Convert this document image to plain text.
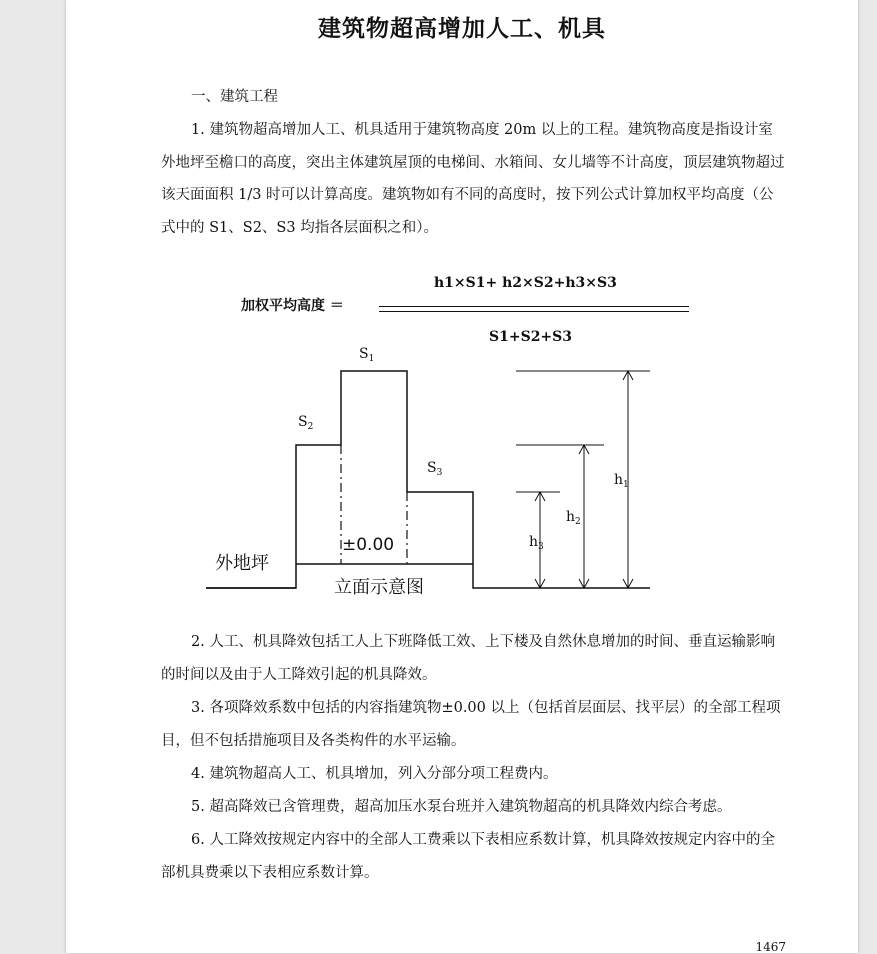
建筑物超高增加人工、机具
一、建筑工程
1. 建筑物超高增加人工、机具适用于建筑物高度 20m 以上的工程。建筑物高度是指设计室外地坪至檐口的高度，突出主体建筑屋顶的电梯间、水箱间、女儿墙等不计高度，顶层建筑物超过该天面面积 1/3 时可以计算高度。建筑物如有不同的高度时，按下列公式计算加权平均高度（公式中的 S1、S2、S3 均指各层面积之和）。
加权平均高度 ＝
h1×S1+ h2×S2+h3×S3
S1+S2+S3
$S_1$
$S_2$
$S_3$	$h_1$
$h_2$
$h_3$
±0.00
外地坪
立面示意图
2. 人工、机具降效包括工人上下班降低工效、上下楼及自然休息增加的时间、垂直运输影响的时间以及由于人工降效引起的机具降效。
3. 各项降效系数中包括的内容指建筑物±0.00 以上（包括首层面层、找平层）的全部工程项目，但不包括措施项目及各类构件的水平运输。
4. 建筑物超高人工、机具增加，列入分部分项工程费内。
5. 超高降效已含管理费，超高加压水泵台班并入建筑物超高的机具降效内综合考虑。
6. 人工降效按规定内容中的全部人工费乘以下表相应系数计算，机具降效按规定内容中的全部机具费乘以下表相应系数计算。
1467
